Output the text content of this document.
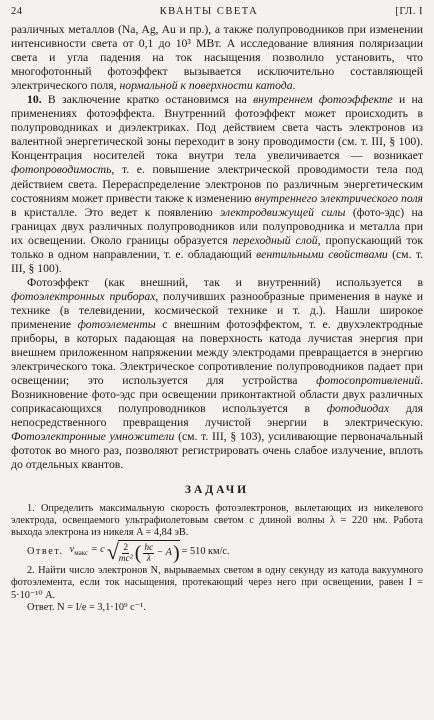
24	КВАНТЫ СВЕТА	[ГЛ. I

различных металлов (Na, Ag, Au и пр.), а также полупроводников при изменении интенсивности света от 0,1 до 10³ МВт. А исследование влияния поляризации света и угла падения на ток насыщения позволило установить, что многофотонный фотоэффект вызывается исключительно составляющей электрического поля, нормальной к поверхности катода.

10. В заключение кратко остановимся на внутреннем фотоэффекте и на применениях фотоэффекта. Внутренний фотоэффект может происходить в полупроводниках и диэлектриках. Под действием света часть электронов из валентной энергетической зоны переходит в зону проводимости (см. т. III, § 100). Концентрация носителей тока внутри тела увеличивается — возникает фотопроводимость, т. е. повышение электрической проводимости тела под действием света. Перераспределение электронов по различным энергетическим состояниям может привести также к изменению внутреннего электрического поля в кристалле. Это ведет к появлению электродвижущей силы (фото-эдс) на границах двух различных полупроводников или полупроводника и металла при их освещении. Около границы образуется переходный слой, пропускающий ток только в одном направлении, т. е. обладающий вентильными свойствами (см. т. III, § 100).

Фотоэффект (как внешний, так и внутренний) используется в фотоэлектронных приборах, получивших разнообразные применения в науке и технике (в телевидении, космической технике и т. д.). Нашли широкое применение фотоэлементы с внешним фотоэффектом, т. е. двухэлектродные приборы, в которых падающая на поверхность катода лучистая энергия при внешнем приложенном напряжении между электродами превращается в энергию электрического тока. Электрическое сопротивление полупроводников падает при освещении; это используется для устройства фотосопротивлений. Возникновение фото-эдс при освещении приконтактной области двух различных соприкасающихся полупроводников используется в фотодиодах для непосредственного превращения лучистой энергии в электрическую. Фотоэлектронные умножители (см. т. III, § 103), усиливающие первоначальный фототок во много раз, позволяют регистрировать очень слабое излучение, вплоть до отдельных квантов.

ЗАДАЧИ

1. Определить максимальную скорость фотоэлектронов, вылетающих из никелевого электрода, освещаемого ультрафиолетовым светом с длиной волны λ = 220 нм. Работа выхода электрона из никеля A = 4,84 эВ.

Ответ. $v_{макс} = c$ √ $\frac{2}{\text{mc²}}$ ( $\frac{hc}{\lambda} - A$ ) = 510 км/с.

2. Найти число электронов N, вырываемых светом в одну секунду из катода вакуумного фотоэлемента, если ток насыщения, протекающий через него при освещении, равен I = 5·10⁻¹⁰ А.

Ответ. N = I/e = 3,1·10⁹ с⁻¹.
